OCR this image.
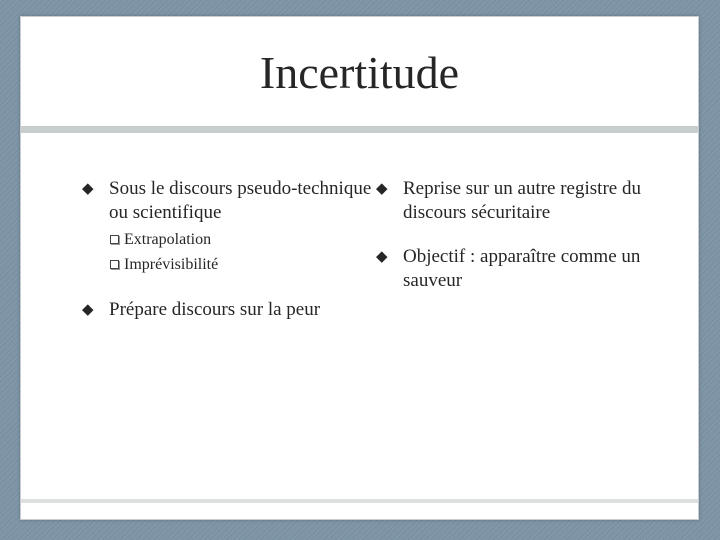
Incertitude
◆ Sous le discours pseudo-technique ou scientifique
Extrapolation
Imprévisibilité
◆ Prépare discours sur la peur
◆ Reprise sur un autre registre du discours sécuritaire
◆ Objectif : apparaître comme un sauveur
